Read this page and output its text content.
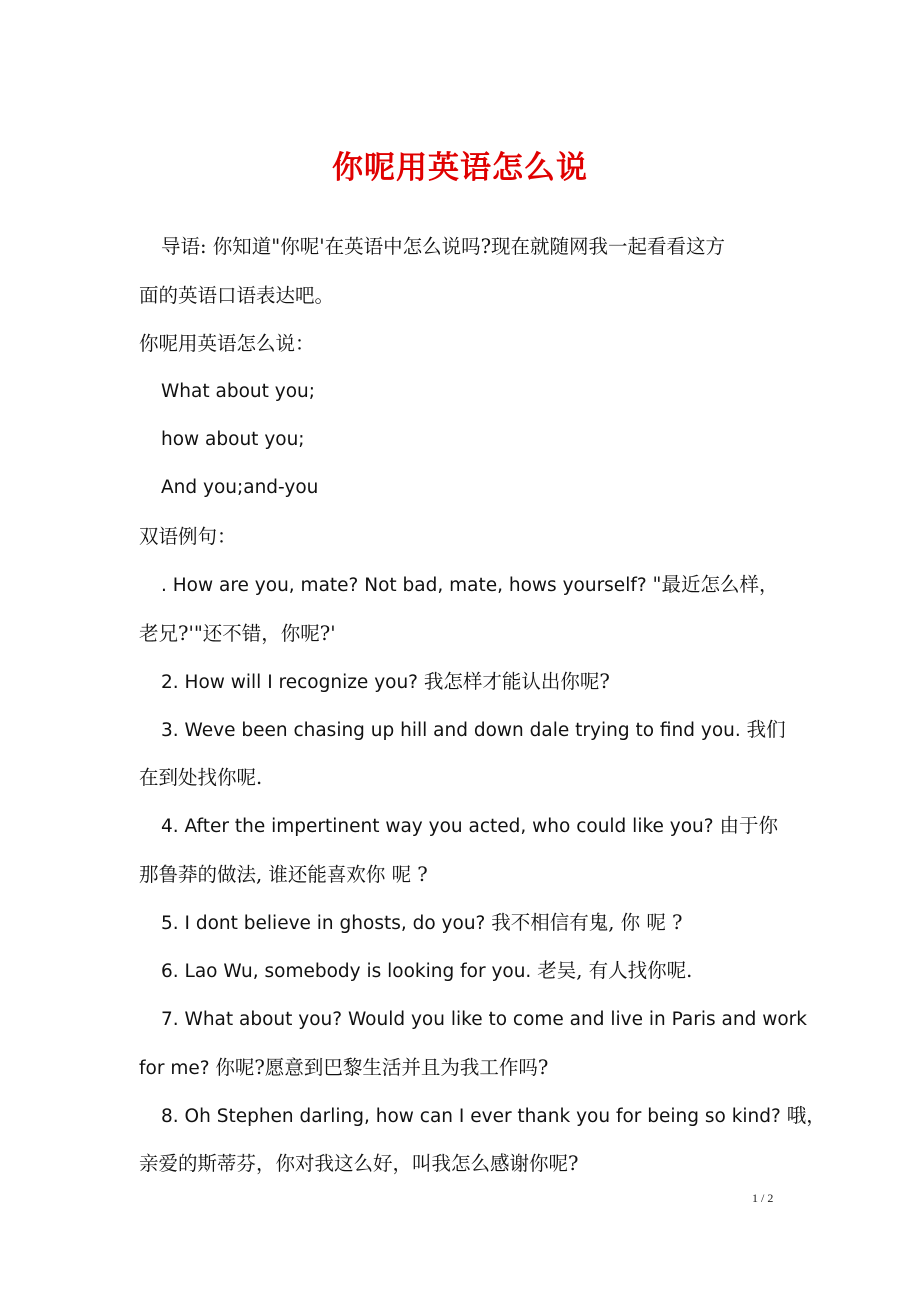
你呢用英语怎么说
导语: 你知道"你呢'在英语中怎么说吗?现在就随网我一起看看这方
面的英语口语表达吧。
你呢用英语怎么说：
What about you;
how about you;
And you;and-you
双语例句：
. How are you, mate? Not bad, mate, hows yourself? "最近怎么样，
老兄?'"还不错，你呢?'
2. How will I recognize you? 我怎样才能认出你呢?
3. Weve been chasing up hill and down dale trying to find you. 我们
在到处找你呢.
4. After the impertinent way you acted, who could like you? 由于你
那鲁莽的做法, 谁还能喜欢你 呢 ?
5. I dont believe in ghosts, do you? 我不相信有鬼, 你 呢 ?
6. Lao Wu, somebody is looking for you. 老吴, 有人找你呢.
7. What about you? Would you like to come and live in Paris and work
for me? 你呢?愿意到巴黎生活并且为我工作吗?
8. Oh Stephen darling, how can I ever thank you for being so kind? 哦，
亲爱的斯蒂芬，你对我这么好，叫我怎么感谢你呢?
1 / 2
